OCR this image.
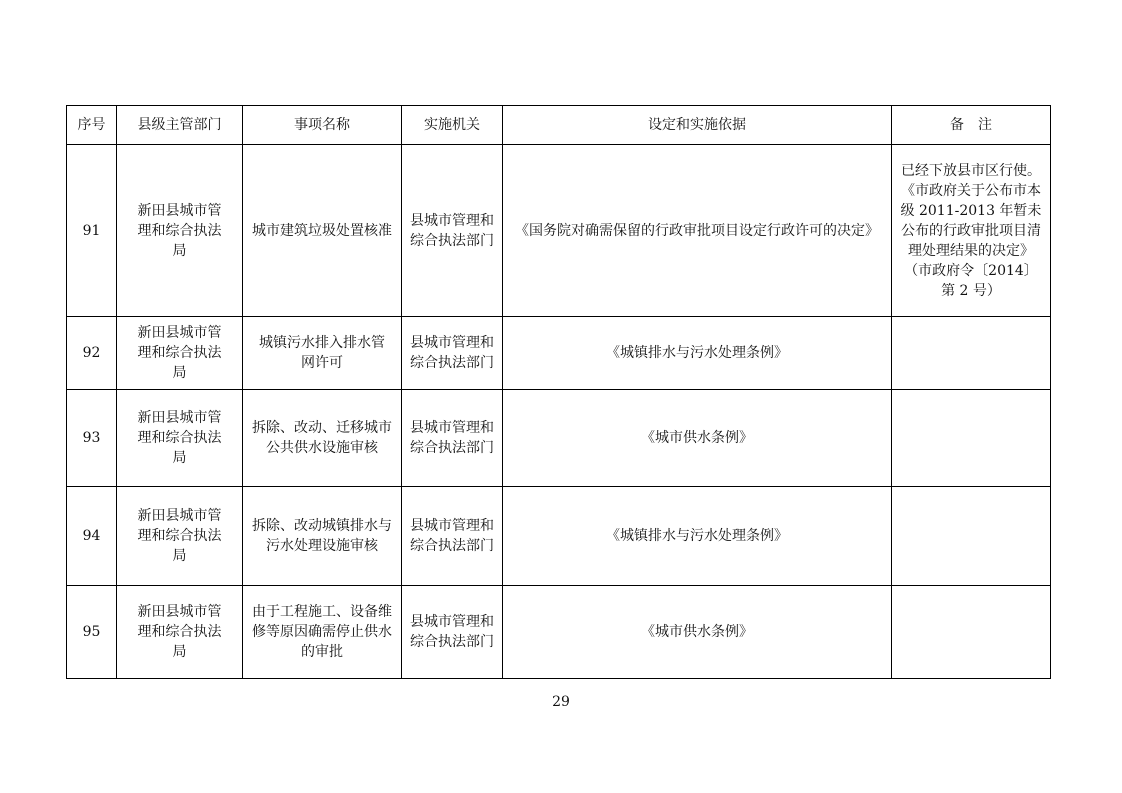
序号	县级主管部门	事项名称	实施机关	设定和实施依据	备　注
91	新田县城市管理和综合执法局	城市建筑垃圾处置核准	县城市管理和综合执法部门	《国务院对确需保留的行政审批项目设定行政许可的决定》	已经下放县市区行使。《市政府关于公布市本级 2011-2013 年暂未公布的行政审批项目清理处理结果的决定》（市政府令〔2014〕第 2 号）
92	新田县城市管理和综合执法局	城镇污水排入排水管网许可	县城市管理和综合执法部门	《城镇排水与污水处理条例》	
93	新田县城市管理和综合执法局	拆除、改动、迁移城市公共供水设施审核	县城市管理和综合执法部门	《城市供水条例》	
94	新田县城市管理和综合执法局	拆除、改动城镇排水与污水处理设施审核	县城市管理和综合执法部门	《城镇排水与污水处理条例》	
95	新田县城市管理和综合执法局	由于工程施工、设备维修等原因确需停止供水的审批	县城市管理和综合执法部门	《城市供水条例》	
29
